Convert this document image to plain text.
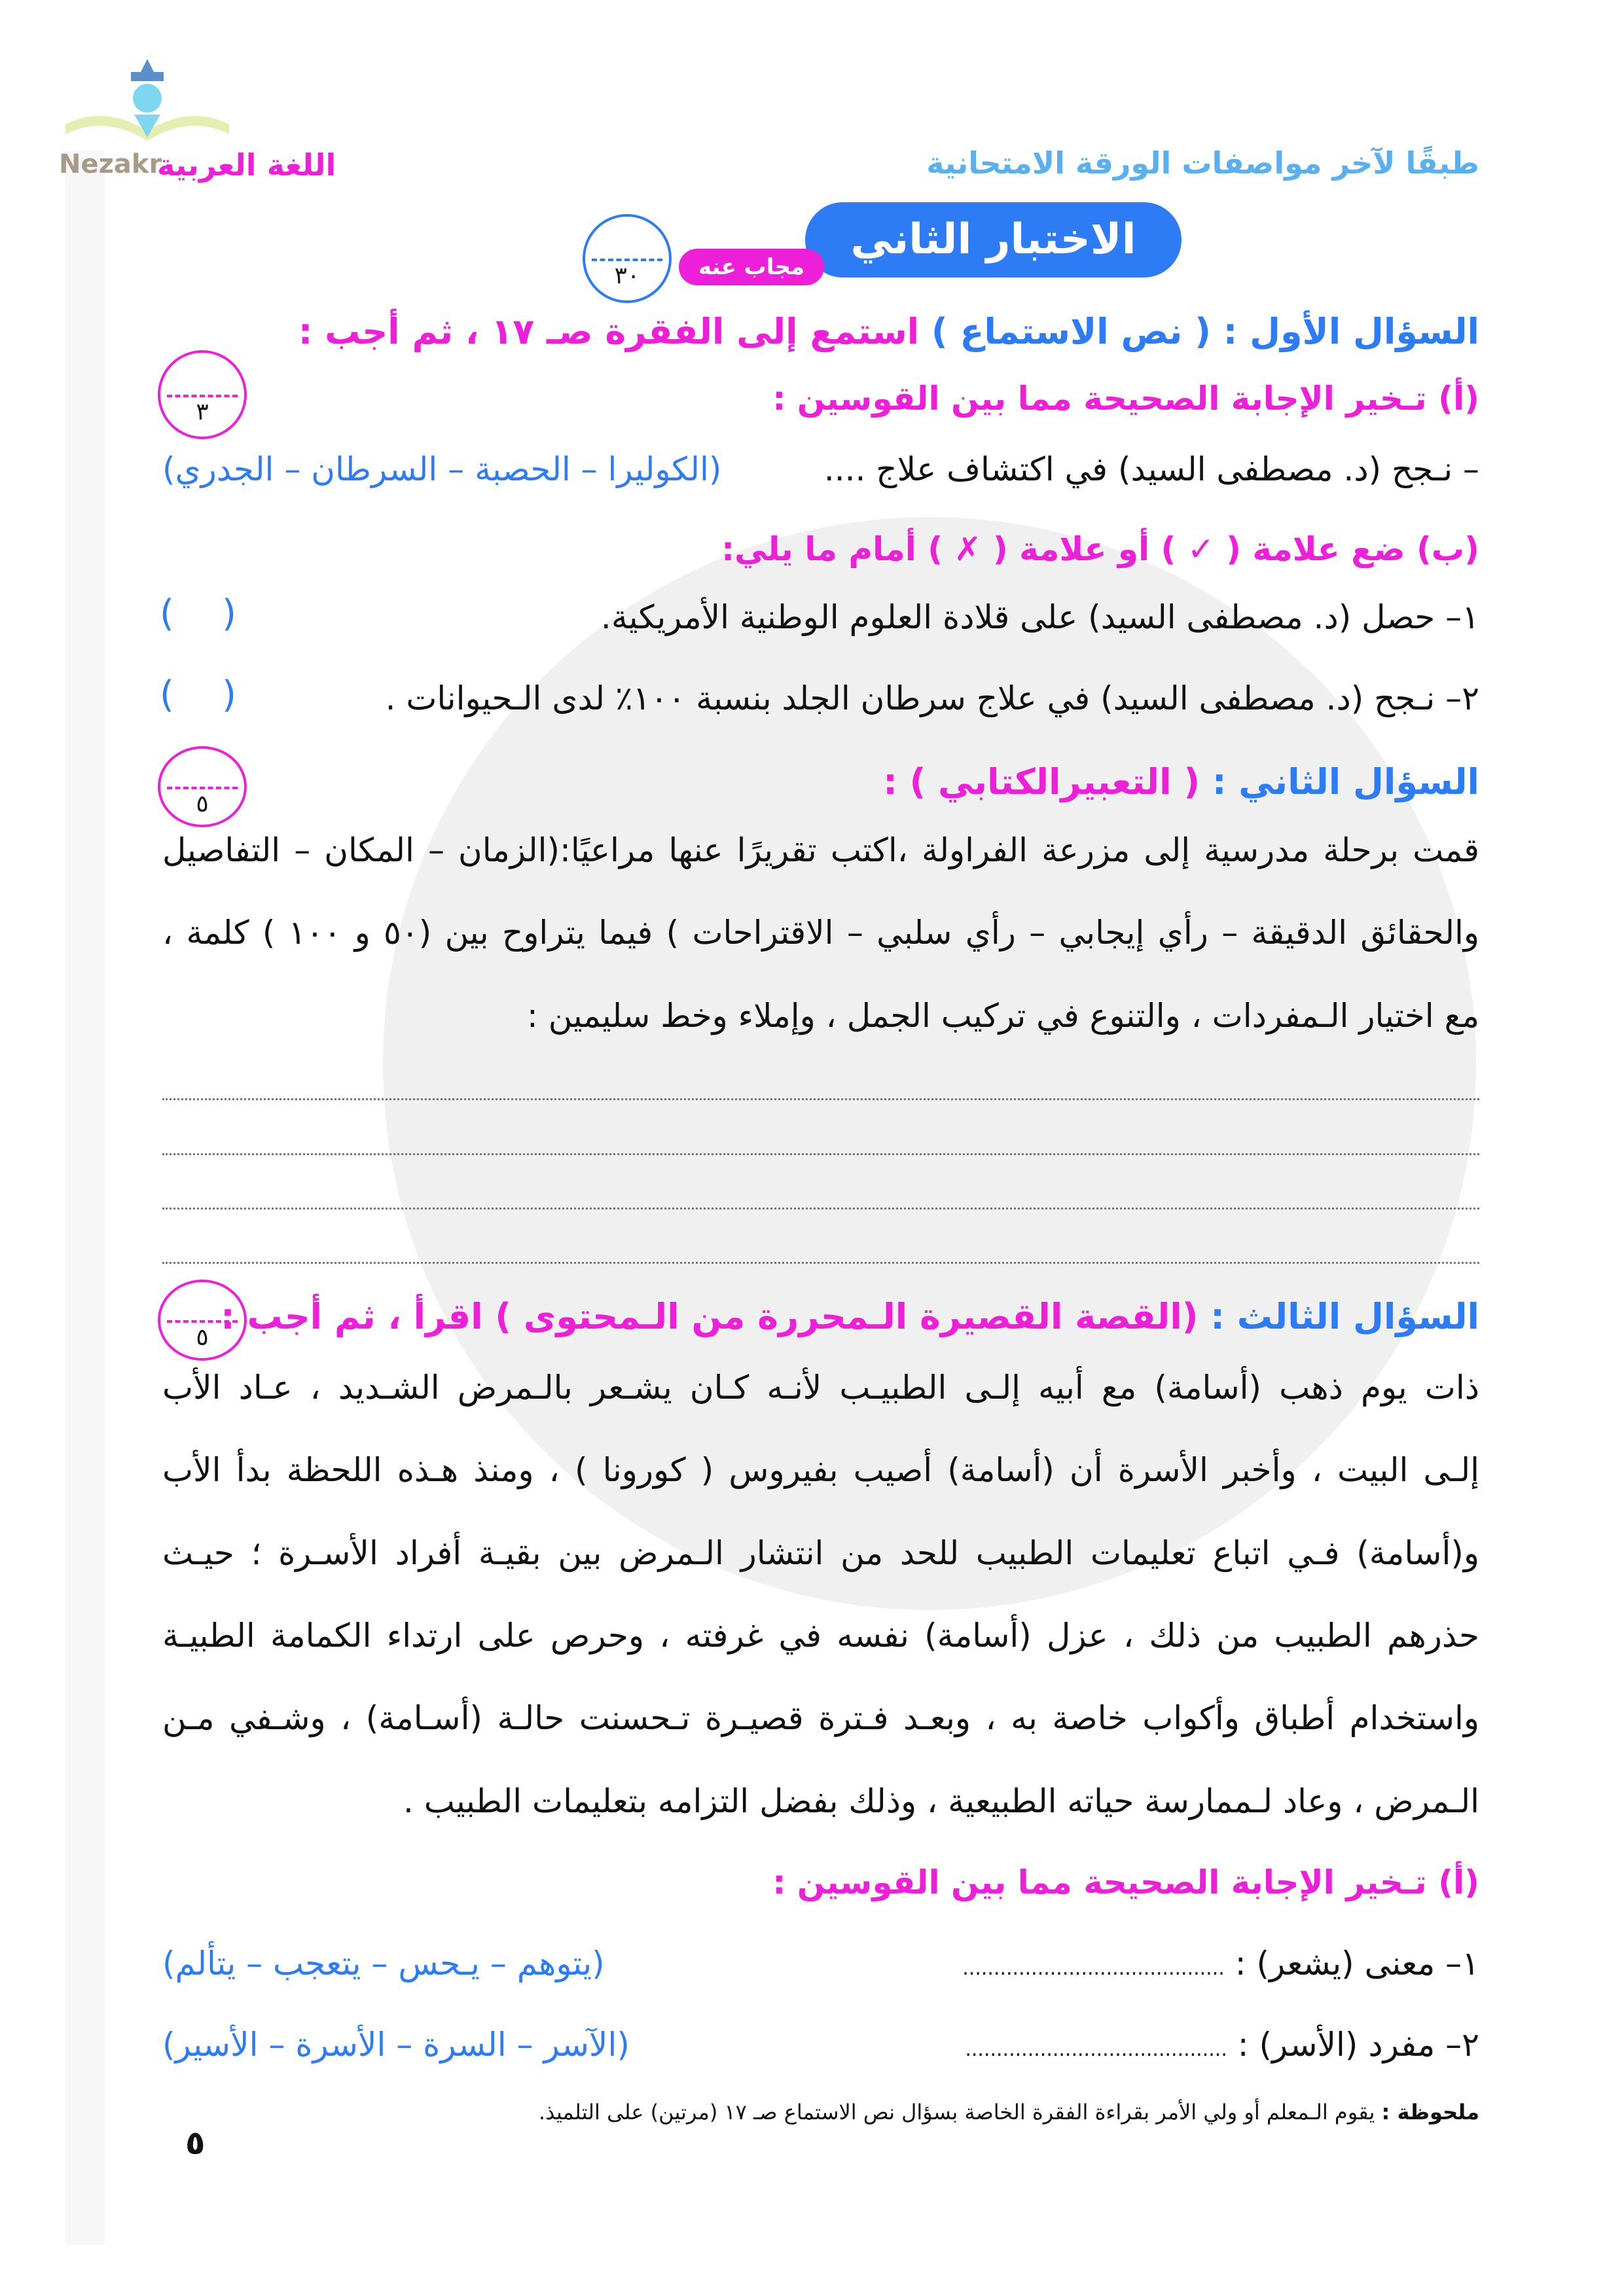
Nezakr
اللغة العربية	طبقًا لآخر مواصفات الورقة الامتحانية
الاختبار الثاني
مجاب عنه
٣٠
السؤال الأول : ( نص الاستماع ) استمع إلى الفقرة صـ ١٧ ، ثم أجب :
٣	(أ) تـخير الإجابة الصحيحة مما بين القوسين :
– نـجح (د. مصطفى السيد) في اكتشاف علاج ....
(الكوليرا – الحصبة – السرطان – الجدري)
(ب) ضع علامة ( ✓ ) أو علامة ( ✗ ) أمام ما يلي:
١– حصل (د. مصطفى السيد) على قلادة العلوم الوطنية الأمريكية.
( )
٢– نـجح (د. مصطفى السيد) في علاج سرطان الجلد بنسبة ١٠٠٪ لدى الـحيوانات .
( )
السؤال الثاني : ( التعبيرالكتابي ) :
٥
قمت برحلة مدرسية إلى مزرعة الفراولة ،اكتب تقريرًا عنها مراعيًا:(الزمان – المكان – التفاصيل
والحقائق الدقيقة – رأي إيجابي – رأي سلبي – الاقتراحات ) فيما يتراوح بين (٥٠ و ١٠٠ ) كلمة ،
مع اختيار الـمفردات ، والتنوع في تركيب الجمل ، وإملاء وخط سليمين :
السؤال الثالث : (القصة القصيرة الـمحررة من الـمحتوى ) اقرأ ، ثم أجب :
٥
ذات يوم ذهب (أسامة) مع أبيه إلـى الطبيـب لأنـه كـان يشـعر بالـمرض الشـديد ، عـاد الأب
إلـى البيت ، وأخبر الأسرة أن (أسامة) أصيب بفيروس ( كورونا ) ، ومنذ هـذه اللحظة بدأ الأب
و(أسامة) فـي اتباع تعليمات الطبيب للحد من انتشار الـمرض بين بقيـة أفراد الأسـرة ؛ حيـث
حذرهم الطبيب من ذلك ، عزل (أسامة) نفسه في غرفته ، وحرص على ارتداء الكمامة الطبيـة
واستخدام أطباق وأكواب خاصة به ، وبعـد فـترة قصيـرة تـحسنت حالـة (أسـامة) ، وشـفي مـن
الـمرض ، وعاد لـممارسة حياته الطبيعية ، وذلك بفضل التزامه بتعليمات الطبيب .
(أ) تـخير الإجابة الصحيحة مما بين القوسين :
١– معنى (يشعر) : ..........................................
(يتوهم – يـحس – يتعجب – يتألم)
٢– مفرد (الأسر) : ..........................................
(الآسر – السرة – الأسرة – الأسير)
ملحوظة : يقوم الـمعلم أو ولي الأمر بقراءة الفقرة الخاصة بسؤال نص الاستماع صـ ١٧ (مرتين) على التلميذ.
٥
